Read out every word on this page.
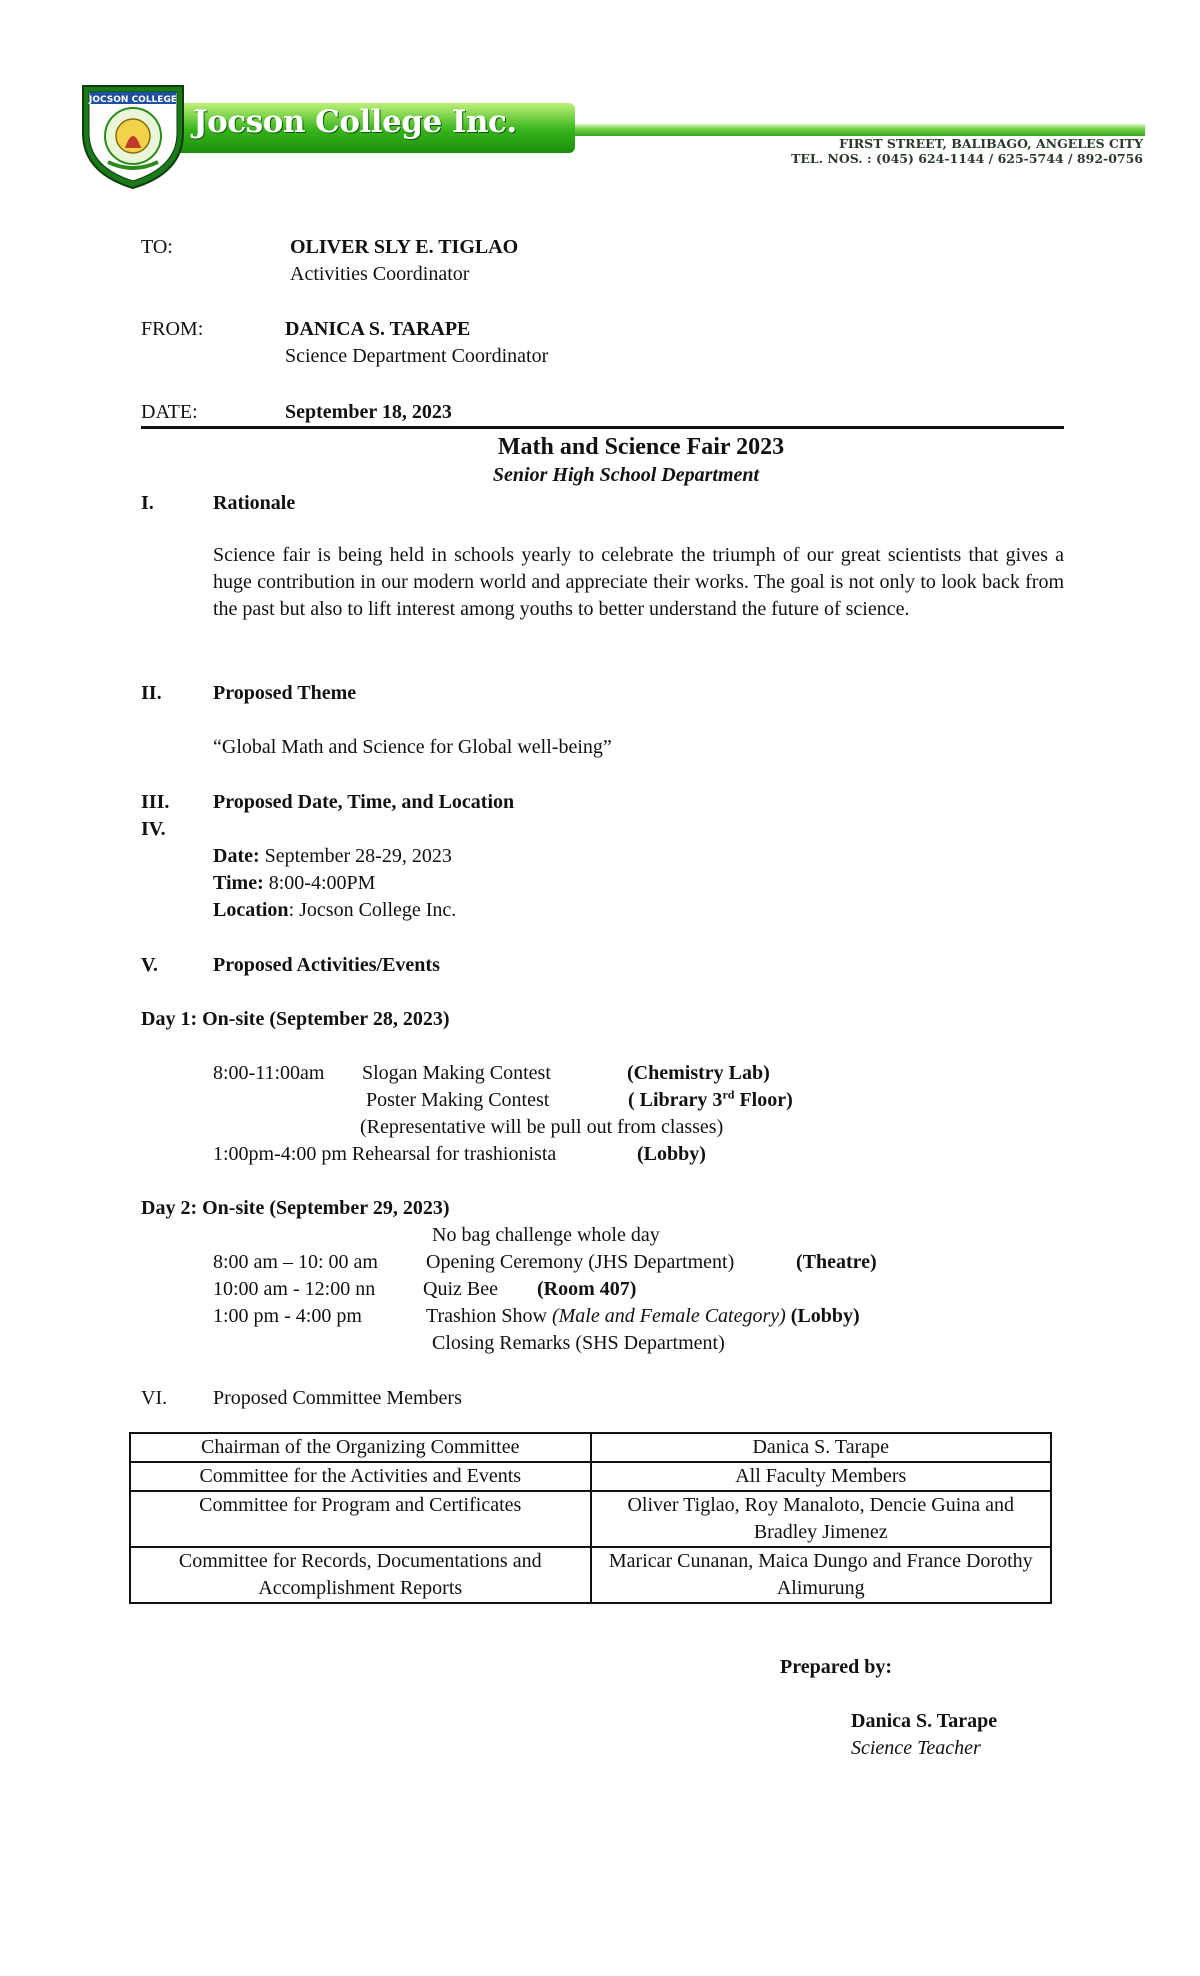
Jocson College Inc.
FIRST STREET, BALIBAGO, ANGELES CITY
TEL. NOS. : (045) 624-1144 / 625-5744 / 892-0756
JOCSON COLLEGE
TO:	OLIVER SLY E. TIGLAO
Activities Coordinator
FROM:	DANICA S. TARAPE
Science Department Coordinator
DATE:	September 18, 2023
Math and Science Fair 2023
Senior High School Department
I.	Rationale
Science fair is being held in schools yearly to celebrate the triumph of our great scientists that gives a huge contribution in our modern world and appreciate their works. The goal is not only to look back from the past but also to lift interest among youths to better understand the future of science.
II.	Proposed Theme
“Global Math and Science for Global well-being”
III. Proposed Date, Time, and Location
IV.
Date: September 28-29, 2023
Time: 8:00-4:00PM
Location: Jocson College Inc.
V.	Proposed Activities/Events
Day 1: On-site (September 28, 2023)
8:00-11:00am Slogan Making Contest	(Chemistry Lab)
Poster Making Contest	( Library 3rd Floor)
(Representative will be pull out from classes)
1:00pm-4:00 pm Rehearsal for trashionista	(Lobby)
Day 2: On-site (September 29, 2023)
No bag challenge whole day
8:00 am – 10: 00 am Opening Ceremony (JHS Department)	(Theatre)
10:00 am - 12:00 nn Quiz Bee (Room 407)
1:00 pm - 4:00 pm	Trashion Show (Male and Female Category) (Lobby)
Closing Remarks (SHS Department)
VI. Proposed Committee Members
Chairman of the Organizing Committee	Danica S. Tarape
Committee for the Activities and Events	All Faculty Members
Committee for Program and Certificates	Oliver Tiglao, Roy Manaloto, Dencie Guina and Bradley Jimenez
Committee for Records, Documentations and Accomplishment Reports	Maricar Cunanan, Maica Dungo and France Dorothy Alimurung
Prepared by:
Danica S. Tarape
Science Teacher
